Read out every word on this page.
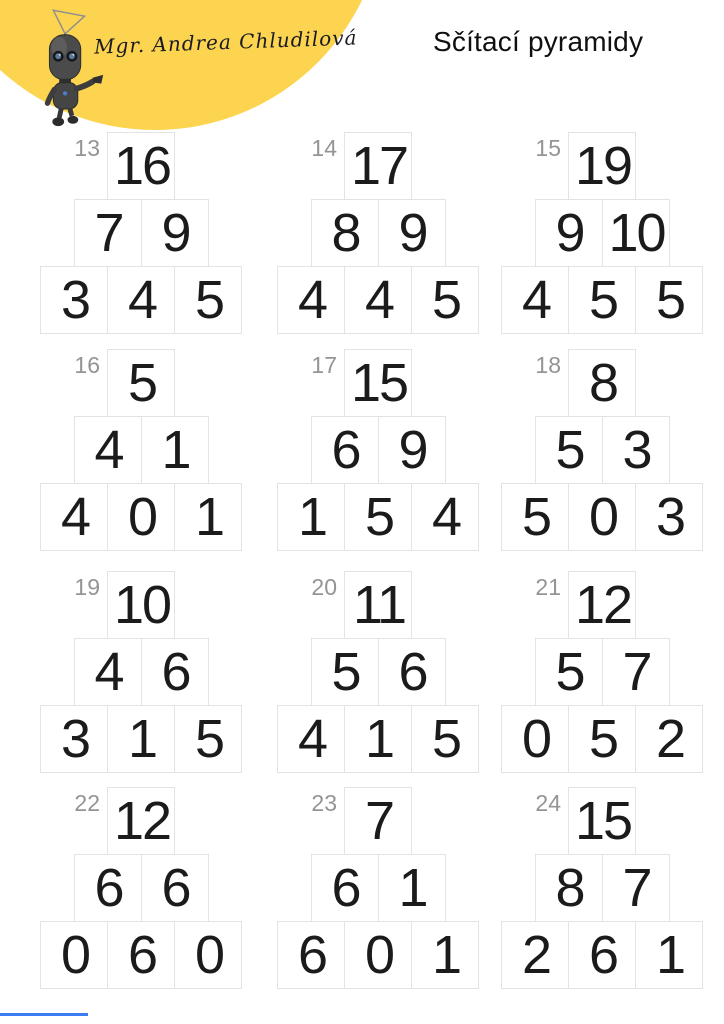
Mgr. Andrea Chludilová	Sčítací pyramidy
13 16
7 9
3 4 5
14 17
8 9
4 4 5
15 19
9 10
4 5 5
16 5
4 1
4 0 1
17 15
6 9
1 5 4
18 8
5 3
5 0 3
19 10
4 6
3 1 5
20 11
5 6
4 1 5
21 12
5 7
0 5 2
22 12
6 6
0 6 0
23 7
6 1
6 0 1
24 15
8 7
2 6 1
